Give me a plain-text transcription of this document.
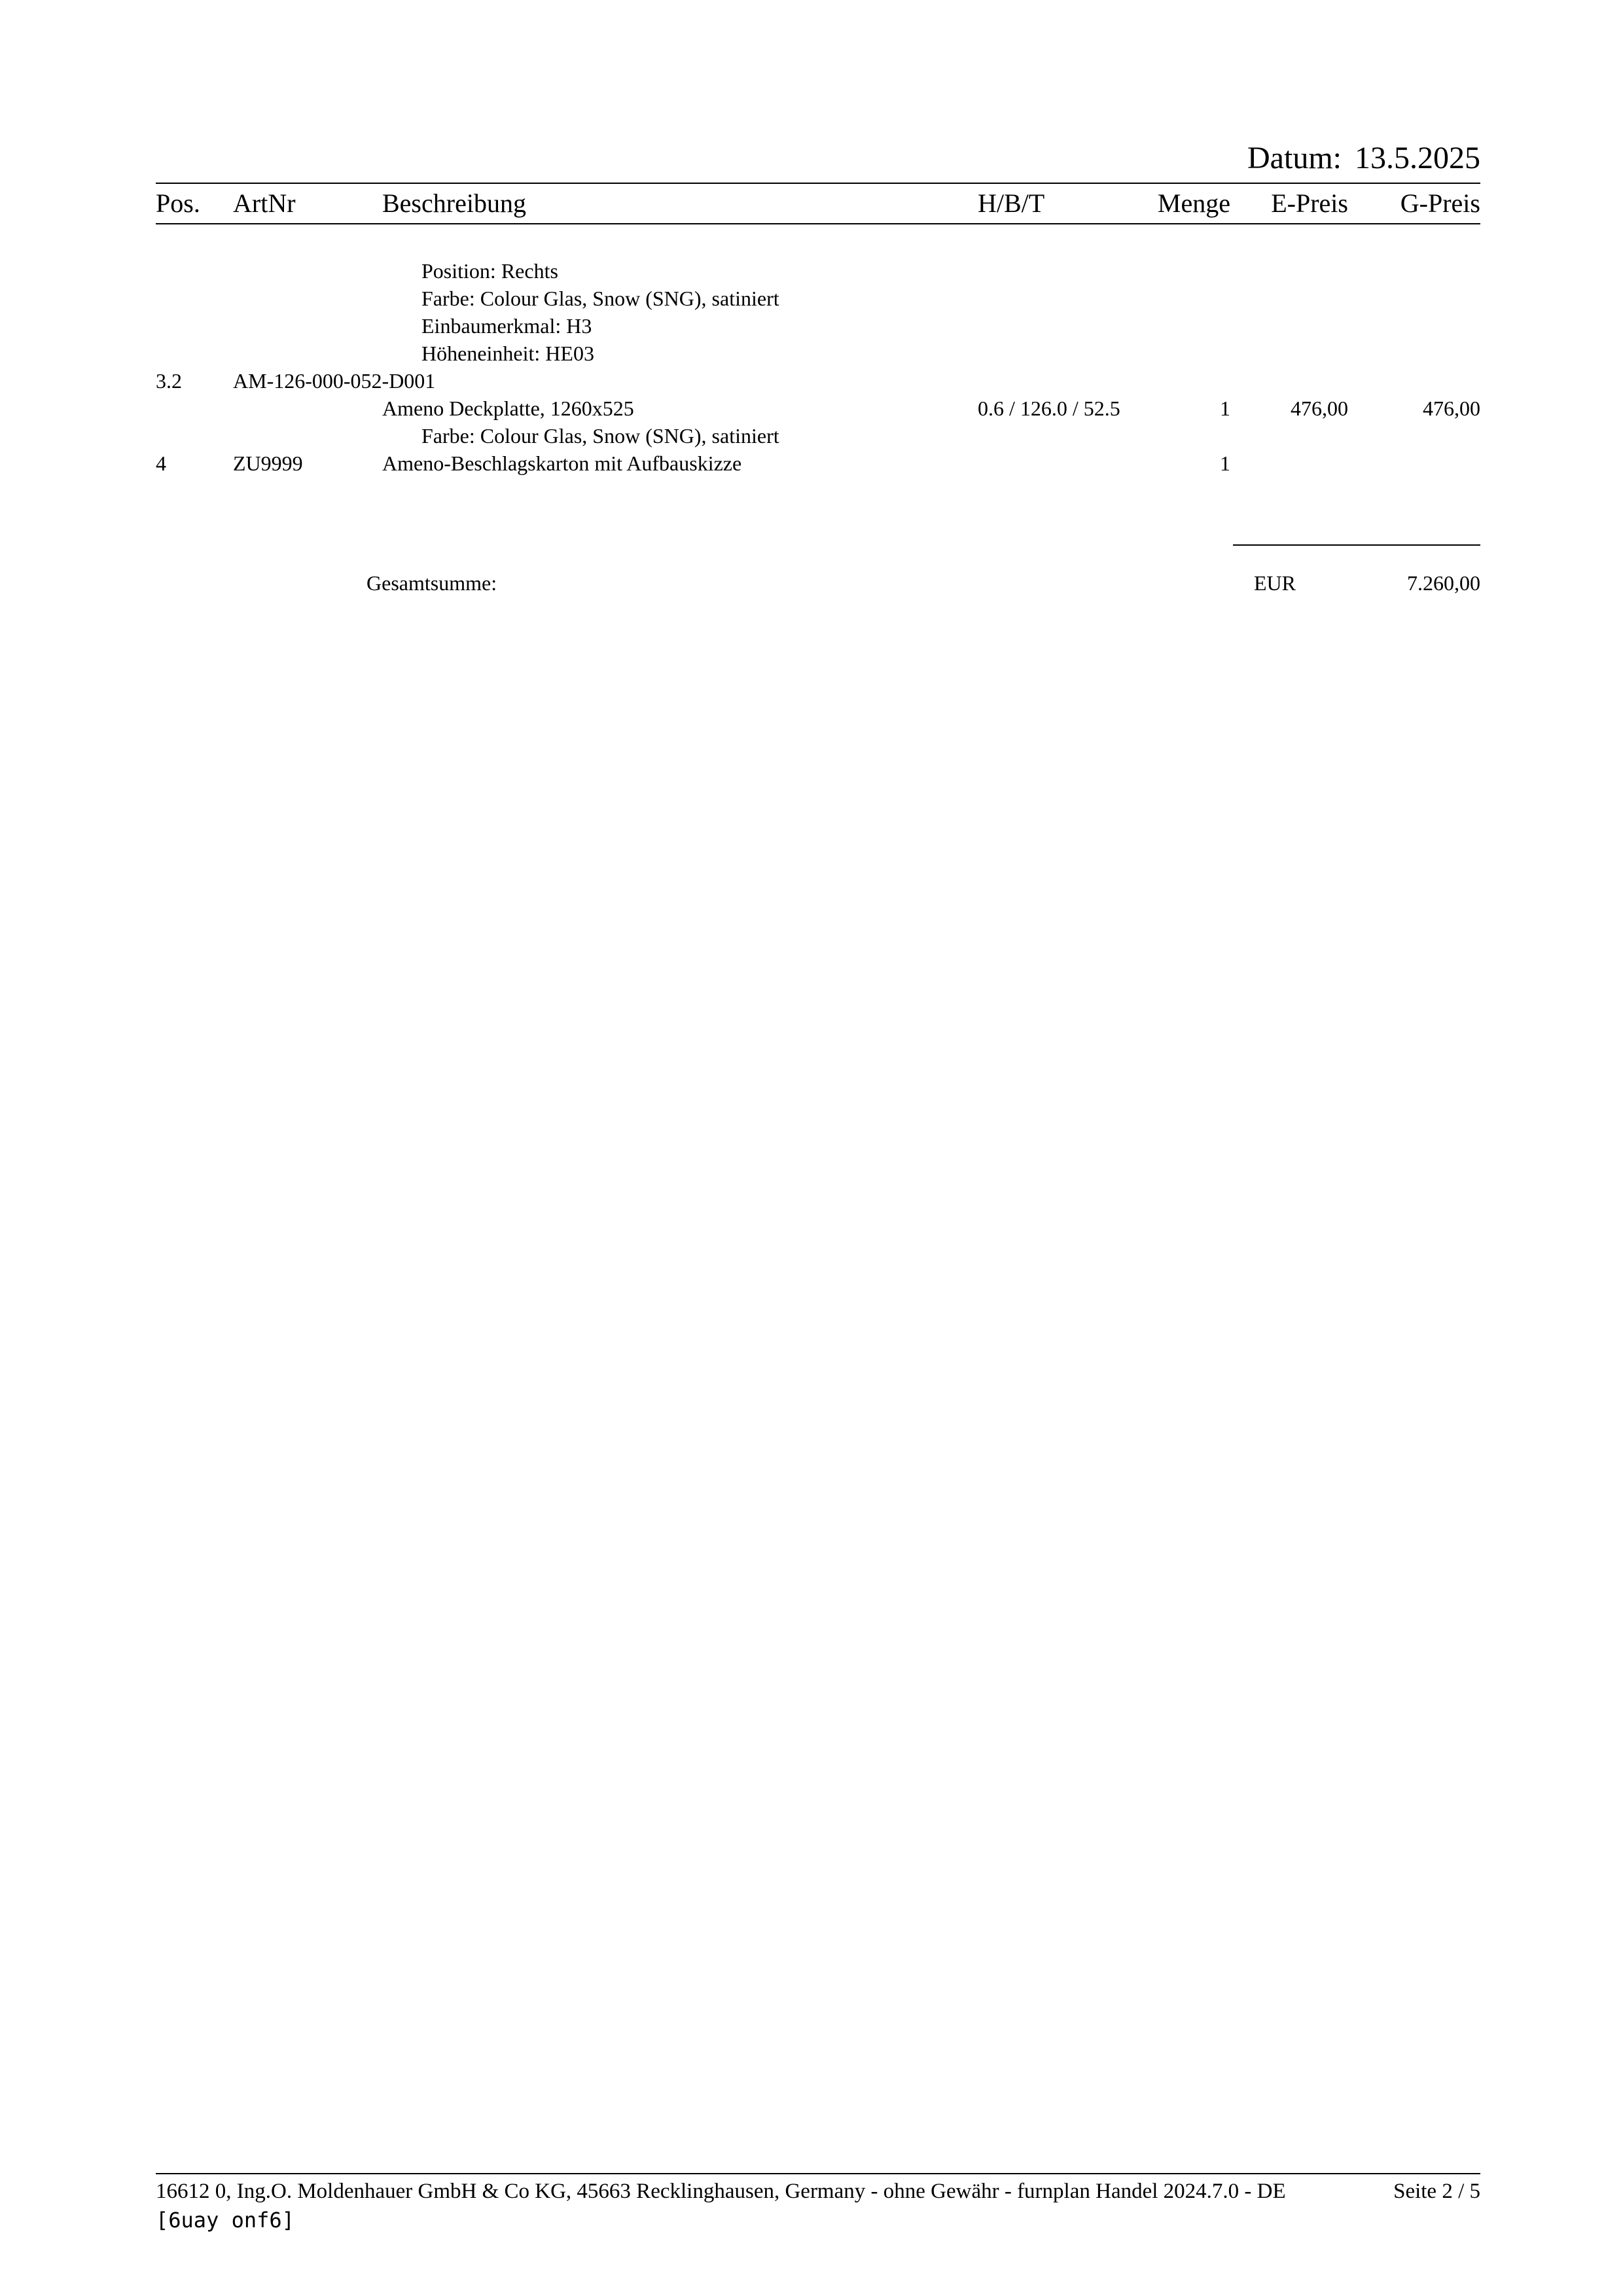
Datum: 13.5.2025
Pos. ArtNr	Beschreibung	H/B/T	Menge E-Preis G-Preis
Position: Rechts
Farbe: Colour Glas, Snow (SNG), satiniert
Einbaumerkmal: H3
Höheneinheit: HE03
3.2 AM-126-000-052-D001
Ameno Deckplatte, 1260x525	0.6 / 126.0 / 52.5	1	476,00	476,00
Farbe: Colour Glas, Snow (SNG), satiniert
4	ZU9999	Ameno-Beschlagskarton mit Aufbauskizze	1
Gesamtsumme:	EUR	7.260,00
16612 0, Ing.O. Moldenhauer GmbH & Co KG, 45663 Recklinghausen, Germany - ohne Gewähr - furnplan Handel 2024.7.0 - DE	Seite 2 / 5
[6uay onf6]
